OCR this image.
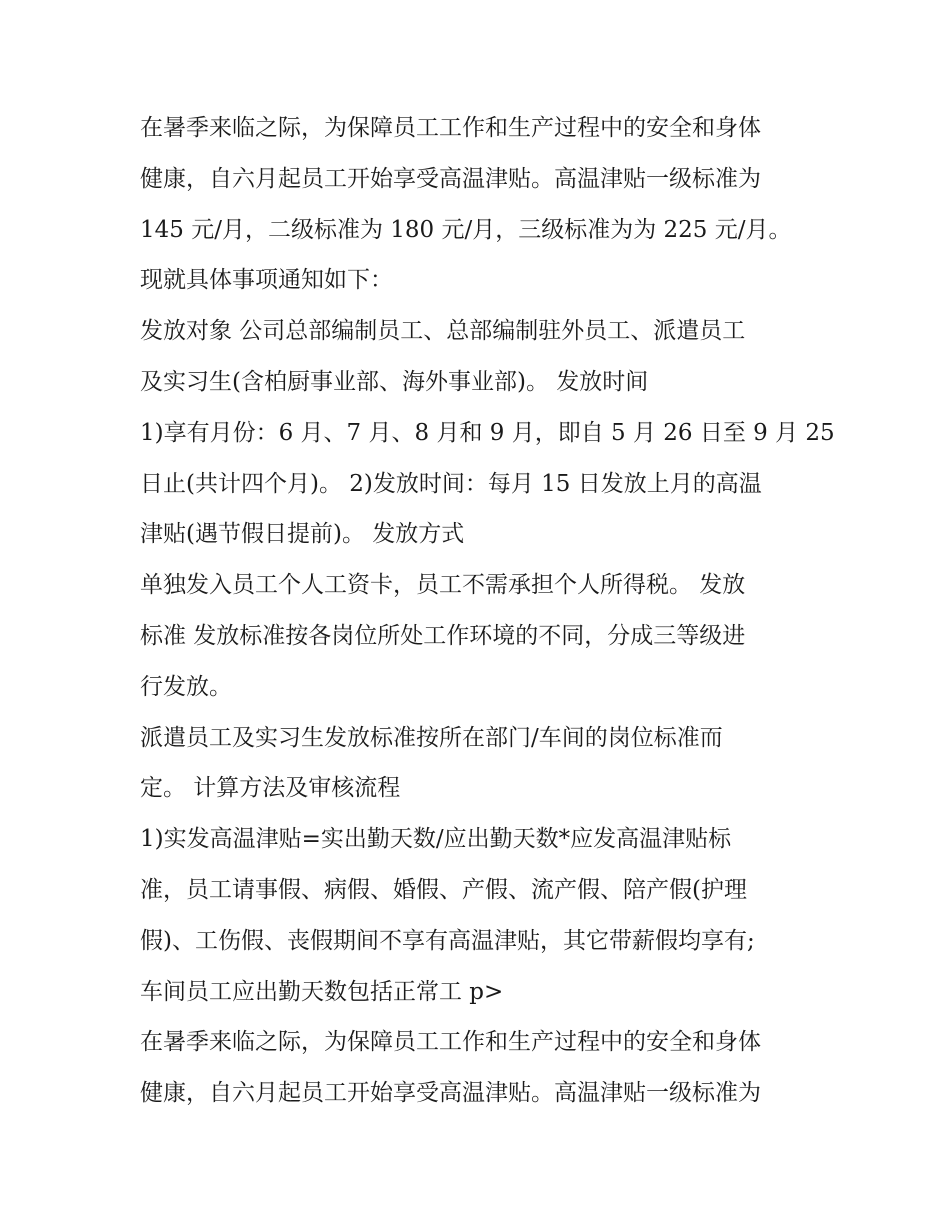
在暑季来临之际，为保障员工工作和生产过程中的安全和身体
健康，自六月起员工开始享受高温津贴。高温津贴一级标准为
145 元/月，二级标准为 180 元/月，三级标准为为 225 元/月。
现就具体事项通知如下：
发放对象 公司总部编制员工、总部编制驻外员工、派遣员工
及实习生(含柏厨事业部、海外事业部)。 发放时间
1)享有月份：6 月、7 月、8 月和 9 月，即自 5 月 26 日至 9 月 25
日止(共计四个月)。 2)发放时间：每月 15 日发放上月的高温
津贴(遇节假日提前)。 发放方式
单独发入员工个人工资卡，员工不需承担个人所得税。 发放
标准 发放标准按各岗位所处工作环境的不同，分成三等级进
行发放。
派遣员工及实习生发放标准按所在部门/车间的岗位标准而
定。 计算方法及审核流程
1)实发高温津贴=实出勤天数/应出勤天数*应发高温津贴标
准，员工请事假、病假、婚假、产假、流产假、陪产假(护理
假)、工伤假、丧假期间不享有高温津贴，其它带薪假均享有;
车间员工应出勤天数包括正常工 p>
在暑季来临之际，为保障员工工作和生产过程中的安全和身体
健康，自六月起员工开始享受高温津贴。高温津贴一级标准为
